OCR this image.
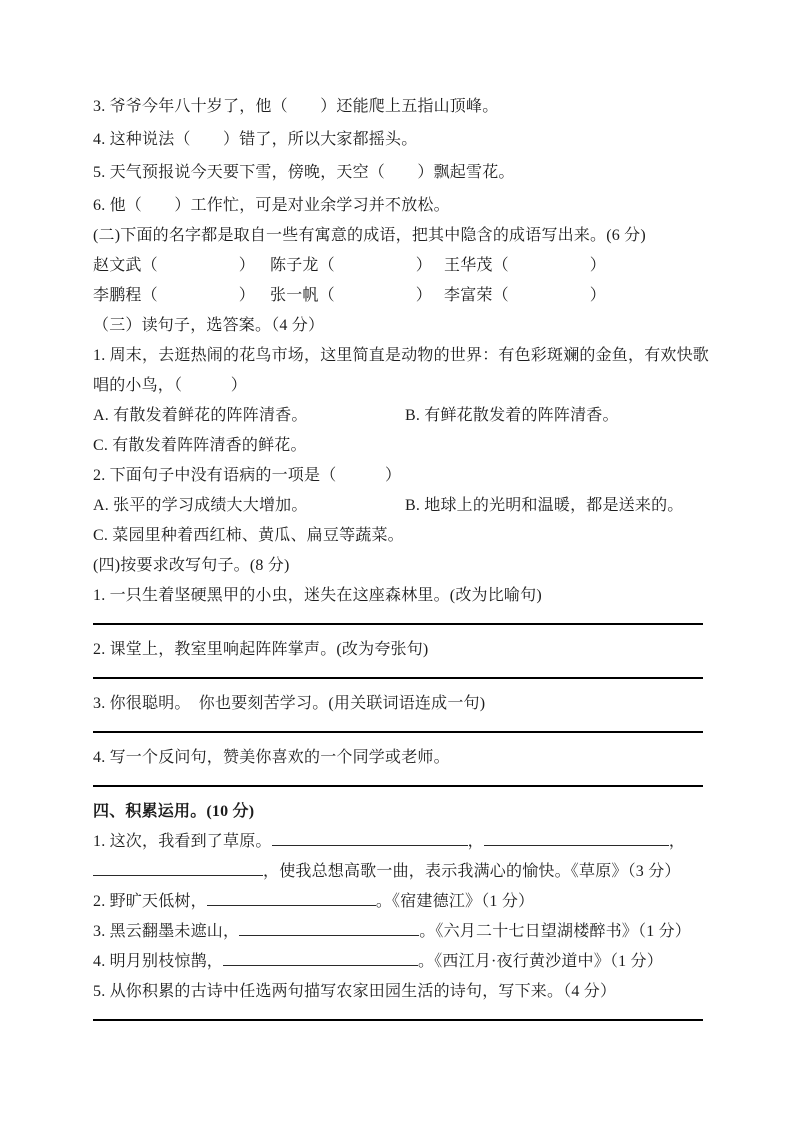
3. 爷爷今年八十岁了，他（　　）还能爬上五指山顶峰。
4. 这种说法（　　）错了，所以大家都摇头。
5. 天气预报说今天要下雪，傍晚，天空（　　）飘起雪花。
6. 他（　　）工作忙，可是对业余学习并不放松。
(二)下面的名字都是取自一些有寓意的成语，把其中隐含的成语写出来。(6 分)
赵文武（　　　　　） 陈子龙（　　　　　） 王华茂（　　　　　）
李鹏程（　　　　　） 张一帆（　　　　　） 李富荣（　　　　　）
（三）读句子，选答案。（4 分）
1. 周末，去逛热闹的花鸟市场，这里简直是动物的世界：有色彩斑斓的金鱼，有欢快歌
唱的小鸟，（　　　）
A. 有散发着鲜花的阵阵清香。	B. 有鲜花散发着的阵阵清香。
C. 有散发着阵阵清香的鲜花。
2. 下面句子中没有语病的一项是（　　　）
A. 张平的学习成绩大大增加。	B. 地球上的光明和温暖，都是送来的。
C. 菜园里种着西红柿、黄瓜、扁豆等蔬菜。
(四)按要求改写句子。(8 分)
1. 一只生着坚硬黑甲的小虫，迷失在这座森林里。(改为比喻句)
2. 课堂上，教室里响起阵阵掌声。(改为夸张句)
3. 你很聪明。　你也要刻苦学习。(用关联词语连成一句)
4. 写一个反问句，赞美你喜欢的一个同学或老师。
四、积累运用。(10 分)
1. 这次，我看到了草原。	，	，
，使我总想高歌一曲，表示我满心的愉快。《草原》（3 分）
2. 野旷天低树，	。《宿建德江》（1 分）
3. 黑云翻墨未遮山，	。《六月二十七日望湖楼醉书》（1 分）
4. 明月别枝惊鹊，	。《西江月·夜行黄沙道中》（1 分）
5. 从你积累的古诗中任选两句描写农家田园生活的诗句，写下来。（4 分）
